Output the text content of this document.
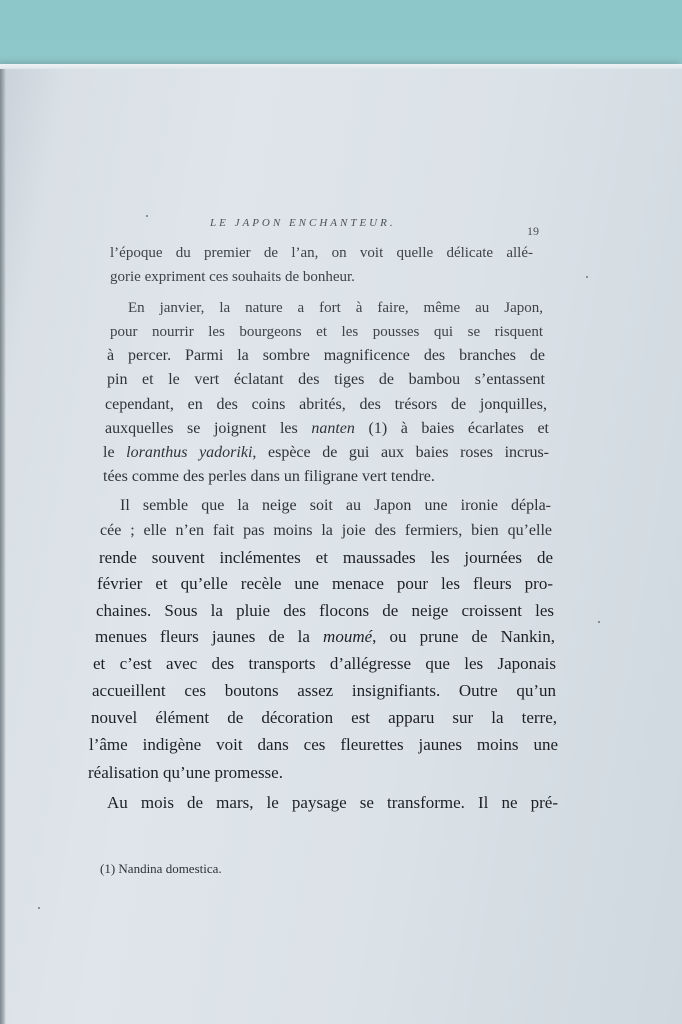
LE JAPON ENCHANTEUR.
19
l’époque du premier de l’an, on voit quelle délicate allé-
gorie expriment ces souhaits de bonheur.
En janvier, la nature a fort à faire, même au Japon,
pour nourrir les bourgeons et les pousses qui se risquent
à percer. Parmi la sombre magnificence des branches de
pin et le vert éclatant des tiges de bambou s’entassent
cependant, en des coins abrités, des trésors de jonquilles,
auxquelles se joignent les nanten (1) à baies écarlates et
le loranthus yadoriki, espèce de gui aux baies roses incrus-
tées comme des perles dans un filigrane vert tendre.
Il semble que la neige soit au Japon une ironie dépla-
cée ; elle n’en fait pas moins la joie des fermiers, bien qu’elle
rende souvent inclémentes et maussades les journées de
février et qu’elle recèle une menace pour les fleurs pro-
chaines. Sous la pluie des flocons de neige croissent les
menues fleurs jaunes de la moumé, ou prune de Nankin,
et c’est avec des transports d’allégresse que les Japonais
accueillent ces boutons assez insignifiants. Outre qu’un
nouvel élément de décoration est apparu sur la terre,
l’âme indigène voit dans ces fleurettes jaunes moins une
réalisation qu’une promesse.
Au mois de mars, le paysage se transforme. Il ne pré-
(1) Nandina domestica.
